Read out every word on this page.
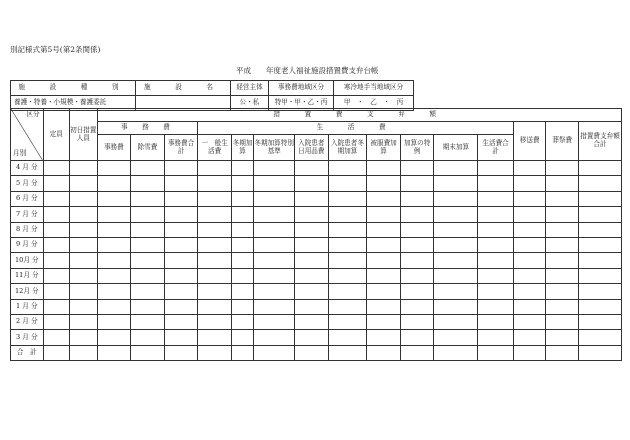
別記様式第5号(第2条関係)
平成　　年度老人福祉施設措置費支弁台帳
施　設　種　別	施　設　名	経営主体	事務費地域区分	寒冷地手当地域区分
養護・特養・小規模・養護委託		公・私	特甲・甲・乙・丙	甲　・　乙　・　丙
区分
月別	定員	初日措置人員	措　置　費　支　弁　額														
			事　務　費			生　活　費									移送費	葬祭費	措置費支弁額合計
			事務費	除雪費	事務費合　計	一　般生活費	冬期加算	冬期加算特別基準	入院患者日用品費	入院患者冬期加算	被服費加　算	加算の特　例	期末加算	生活費合　計			
4 月 分																	
5 月 分																	
6 月 分																	
7 月 分																	
8 月 分																	
9 月 分																	
10月 分																	
11月 分																	
12月 分																	
1 月 分																	
2 月 分																	
3 月 分																	
合　計																	
